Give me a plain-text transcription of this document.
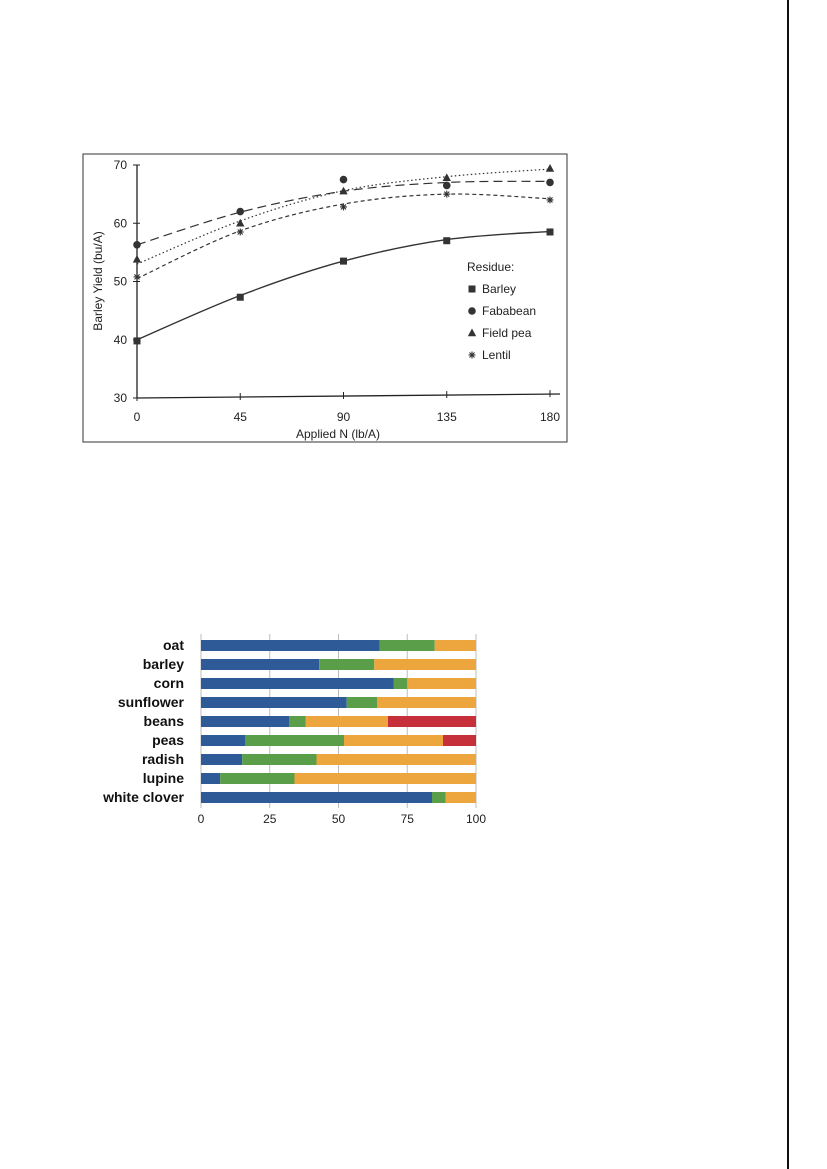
30
40
50
60
70
0	45	90	135	180
Barley Yield (bu/A)
Applied N (lb/A)
Residue:
Barley
Fababean
Field pea
Lentil
oat
barley
corn
sunflower
beans
peas
radish
lupine
white clover
0	25	50	75	100
